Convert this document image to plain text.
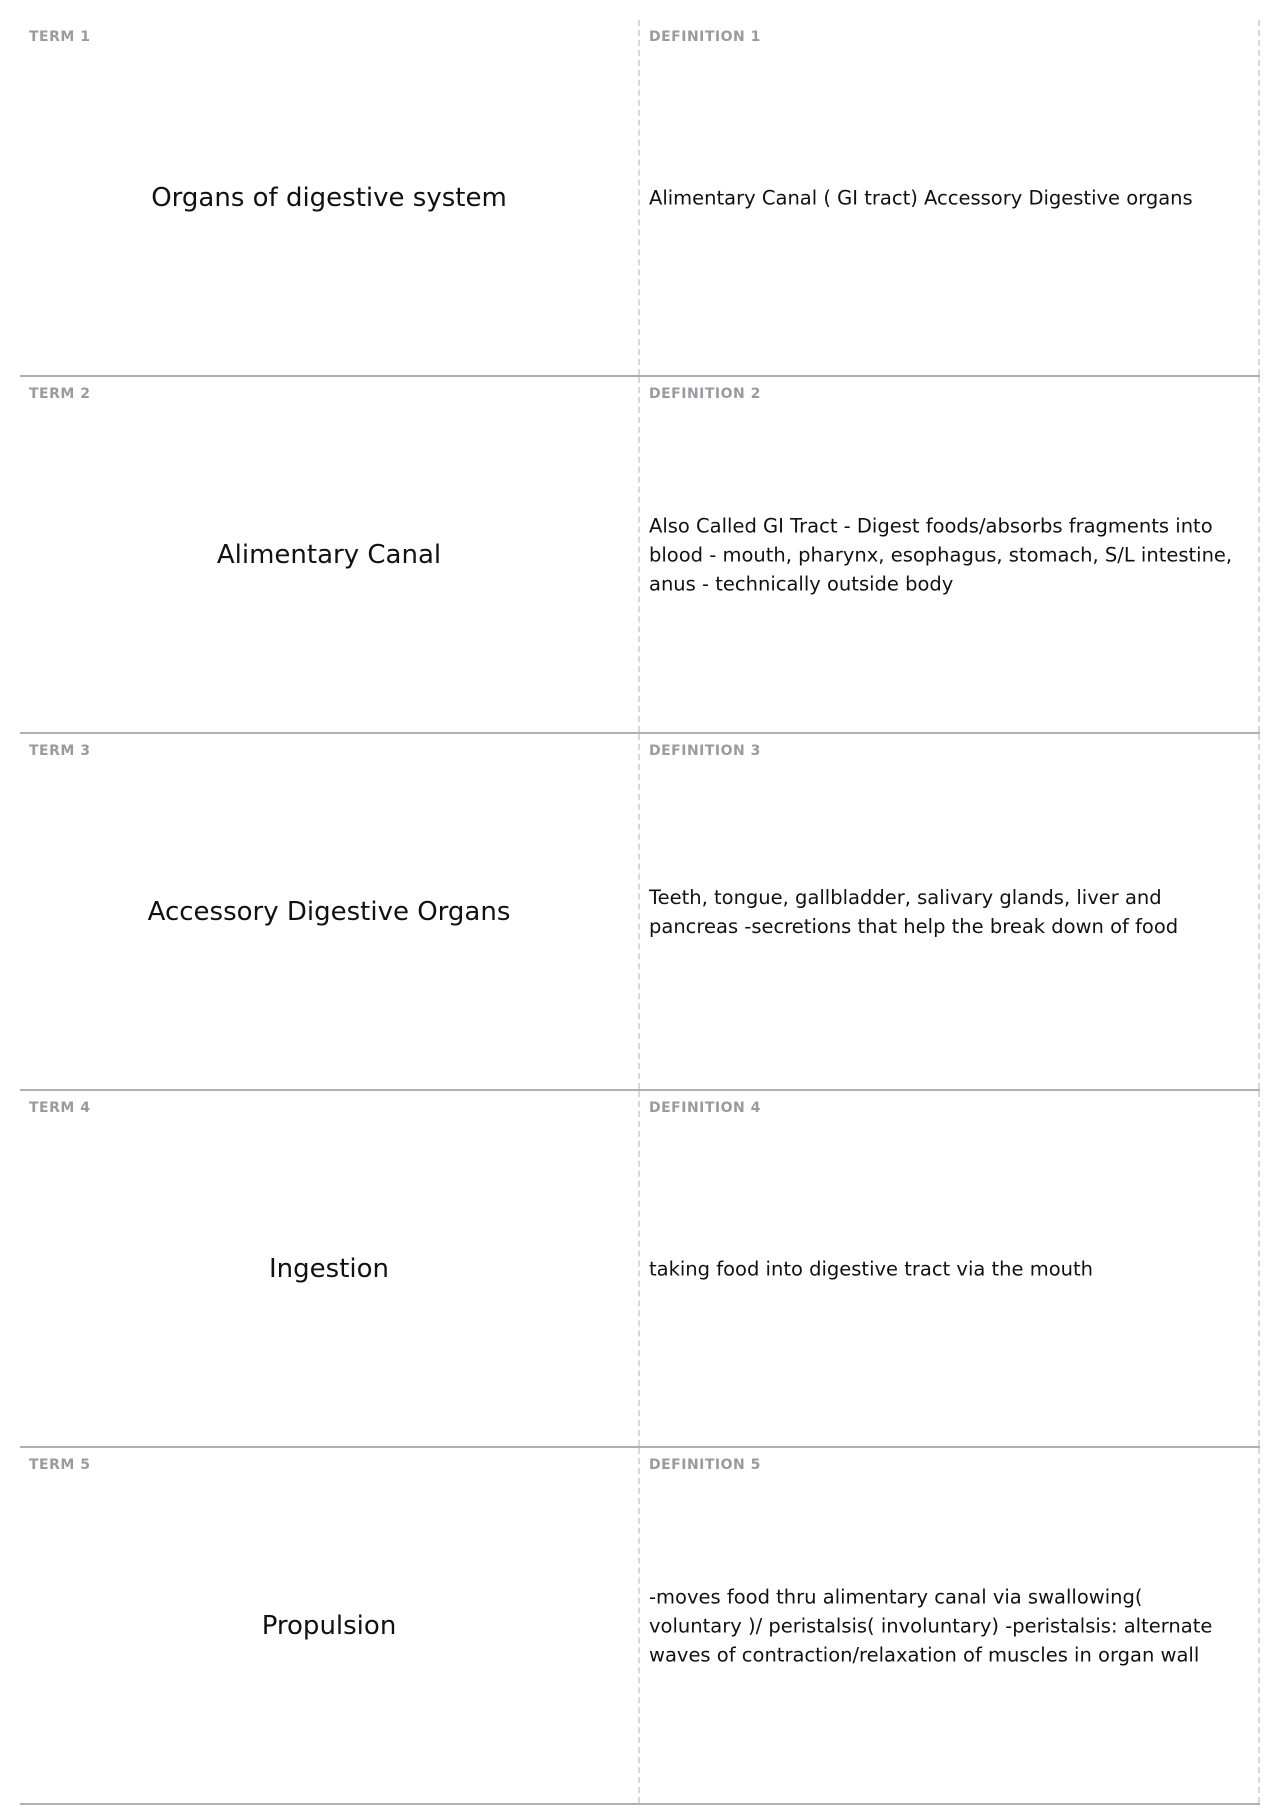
TERM 1
Organs of digestive system
DEFINITION 1
Alimentary Canal ( GI tract) Accessory Digestive organs
TERM 2
Alimentary Canal
DEFINITION 2
Also Called GI Tract - Digest foods/absorbs fragments into blood - mouth, pharynx, esophagus, stomach, S/L intestine, anus - technically outside body
TERM 3
Accessory Digestive Organs
DEFINITION 3
Teeth, tongue, gallbladder, salivary glands, liver and pancreas -secretions that help the break down of food
TERM 4
Ingestion
DEFINITION 4
taking food into digestive tract via the mouth
TERM 5
Propulsion
DEFINITION 5
-moves food thru alimentary canal via swallowing( voluntary )/ peristalsis( involuntary) -peristalsis: alternate waves of contraction/relaxation of muscles in organ wall
